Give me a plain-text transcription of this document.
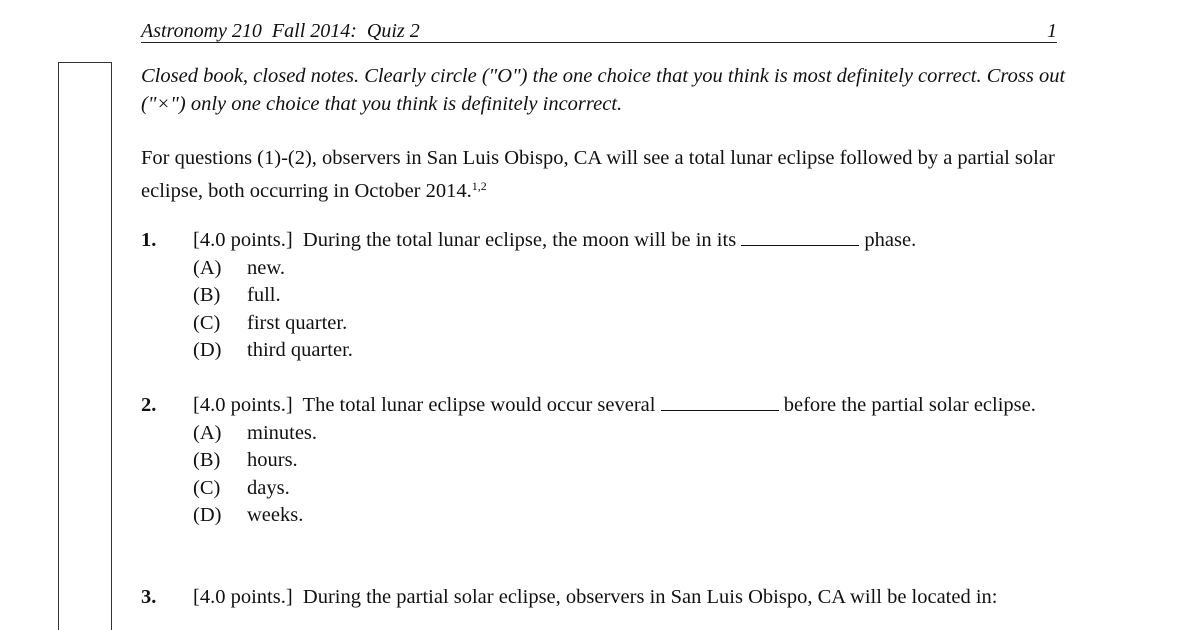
Astronomy 210  Fall 2014:  Quiz 2	1
Closed book, closed notes. Clearly circle ("O") the one choice that you think is most definitely correct. Cross out ("×") only one choice that you think is definitely incorrect.
For questions (1)-(2), observers in San Luis Obispo, CA will see a total lunar eclipse followed by a partial solar eclipse, both occurring in October 2014.$^{1,2}$
1. [4.0 points.] During the total lunar eclipse, the moon will be in its	phase.
(A) new.
(B) full.
(C) first quarter.
(D) third quarter.
2. [4.0 points.] The total lunar eclipse would occur several	before the partial solar eclipse.
(A) minutes.
(B) hours.
(C) days.
(D) weeks.
3. [4.0 points.] During the partial solar eclipse, observers in San Luis Obispo, CA will be located in:
